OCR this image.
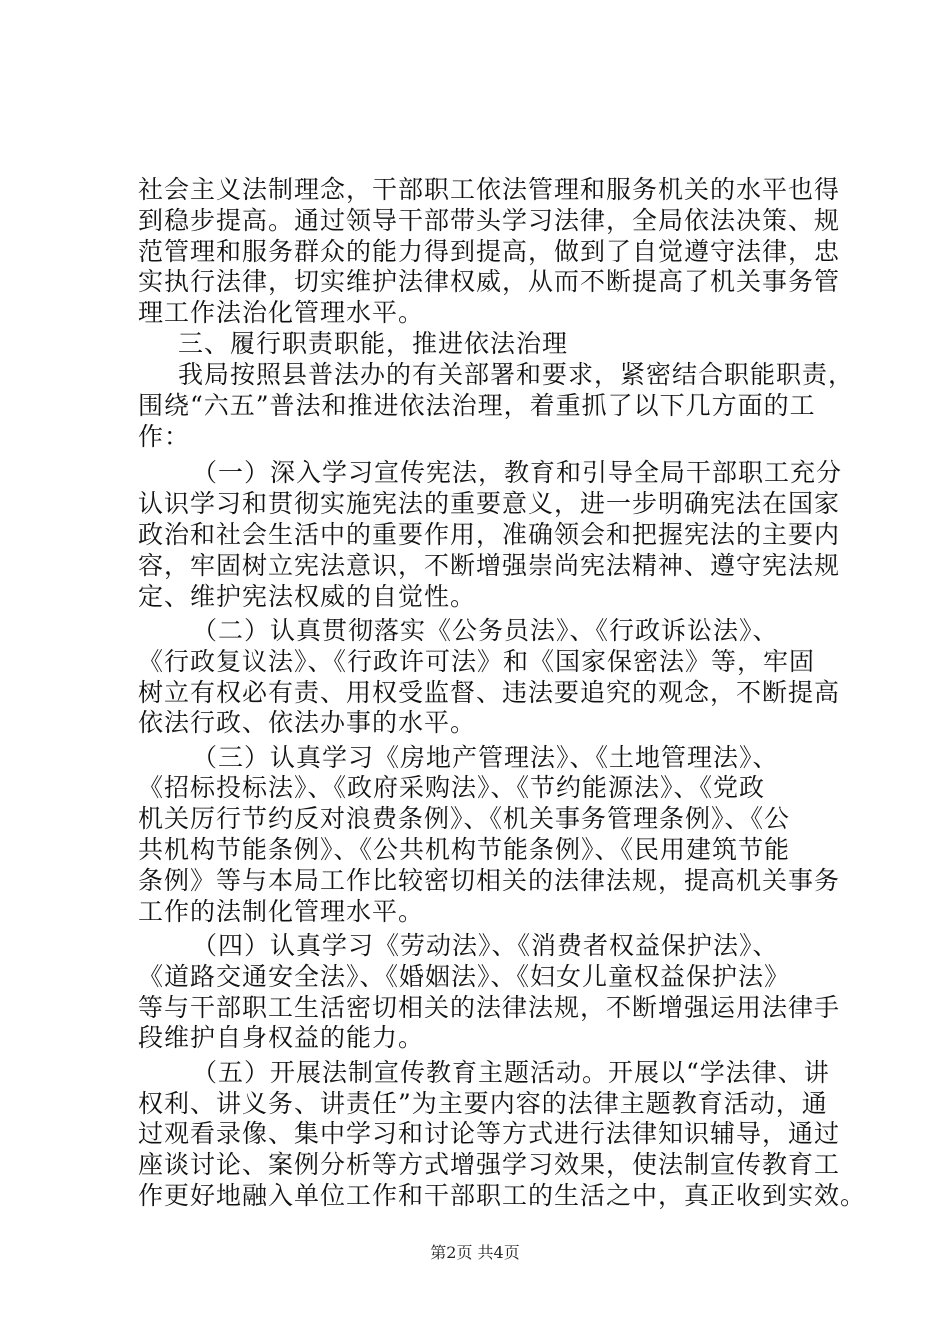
社会主义法制理念，干部职工依法管理和服务机关的水平也得
到稳步提高。通过领导干部带头学习法律，全局依法决策、规
范管理和服务群众的能力得到提高，做到了自觉遵守法律，忠
实执行法律，切实维护法律权威，从而不断提高了机关事务管
理工作法治化管理水平。
三、履行职责职能，推进依法治理
我局按照县普法办的有关部署和要求，紧密结合职能职责，
围绕“六五”普法和推进依法治理，着重抓了以下几方面的工
作：
（一）深入学习宣传宪法，教育和引导全局干部职工充分
认识学习和贯彻实施宪法的重要意义，进一步明确宪法在国家
政治和社会生活中的重要作用，准确领会和把握宪法的主要内
容，牢固树立宪法意识，不断增强崇尚宪法精神、遵守宪法规
定、维护宪法权威的自觉性。
（二）认真贯彻落实《公务员法》、《行政诉讼法》、
《行政复议法》、《行政许可法》和《国家保密法》等，牢固
树立有权必有责、用权受监督、违法要追究的观念，不断提高
依法行政、依法办事的水平。
（三）认真学习《房地产管理法》、《土地管理法》、
《招标投标法》、《政府采购法》、《节约能源法》、《党政
机关厉行节约反对浪费条例》、《机关事务管理条例》、《公
共机构节能条例》、《公共机构节能条例》、《民用建筑节能
条例》等与本局工作比较密切相关的法律法规，提高机关事务
工作的法制化管理水平。
（四）认真学习《劳动法》、《消费者权益保护法》、
《道路交通安全法》、《婚姻法》、《妇女儿童权益保护法》
等与干部职工生活密切相关的法律法规，不断增强运用法律手
段维护自身权益的能力。
（五）开展法制宣传教育主题活动。开展以“学法律、讲
权利、讲义务、讲责任”为主要内容的法律主题教育活动，通
过观看录像、集中学习和讨论等方式进行法律知识辅导，通过
座谈讨论、案例分析等方式增强学习效果，使法制宣传教育工
作更好地融入单位工作和干部职工的生活之中，真正收到实效。
第2页 共4页
